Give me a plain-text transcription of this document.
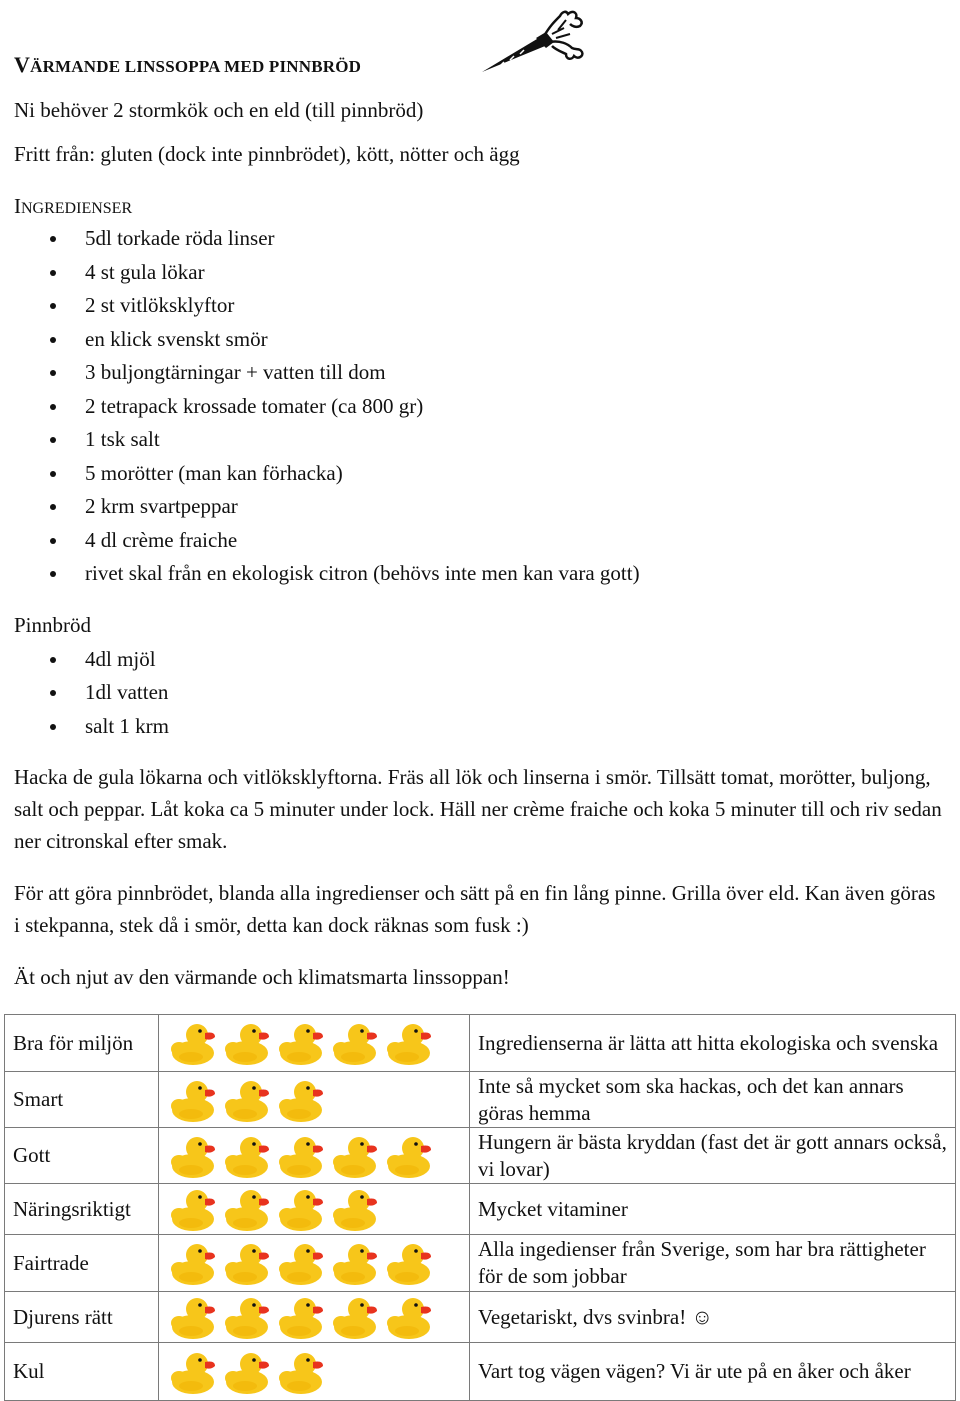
VÄRMANDE LINSSOPPA MED PINNBRÖD
Ni behöver 2 stormkök och en eld (till pinnbröd)
Fritt från: gluten (dock inte pinnbrödet), kött, nötter och ägg
INGREDIENSER
5dl torkade röda linser
4 st gula lökar
2 st vitlöksklyftor
en klick svenskt smör
3 buljongtärningar + vatten till dom
2 tetrapack krossade tomater (ca 800 gr)
1 tsk salt
5 morötter (man kan förhacka)
2 krm svartpeppar
4 dl crème fraiche
rivet skal från en ekologisk citron (behövs inte men kan vara gott)
Pinnbröd
4dl mjöl
1dl vatten
salt 1 krm
Hacka de gula lökarna och vitlöksklyftorna. Fräs all lök och linserna i smör. Tillsätt tomat, morötter, buljong, salt och peppar. Låt koka ca 5 minuter under lock. Häll ner crème fraiche och koka 5 minuter till och riv sedan ner citronskal efter smak.
För att göra pinnbrödet, blanda alla ingredienser och sätt på en fin lång pinne. Grilla över eld. Kan även göras i stekpanna, stek då i smör, detta kan dock räknas som fusk :)
Ät och njut av den värmande och klimatsmarta linssoppan!
Bra för miljön		Ingredienserna är lätta att hitta ekologiska och svenska
Smart		Inte så mycket som ska hackas, och det kan annars göras hemma
Gott		Hungern är bästa kryddan (fast det är gott annars också, vi lovar)
Näringsriktigt		Mycket vitaminer
Fairtrade		Alla ingedienser från Sverige, som har bra rättigheter för de som jobbar
Djurens rätt		Vegetariskt, dvs svinbra! ☺
Kul		Vart tog vägen vägen? Vi är ute på en åker och åker
